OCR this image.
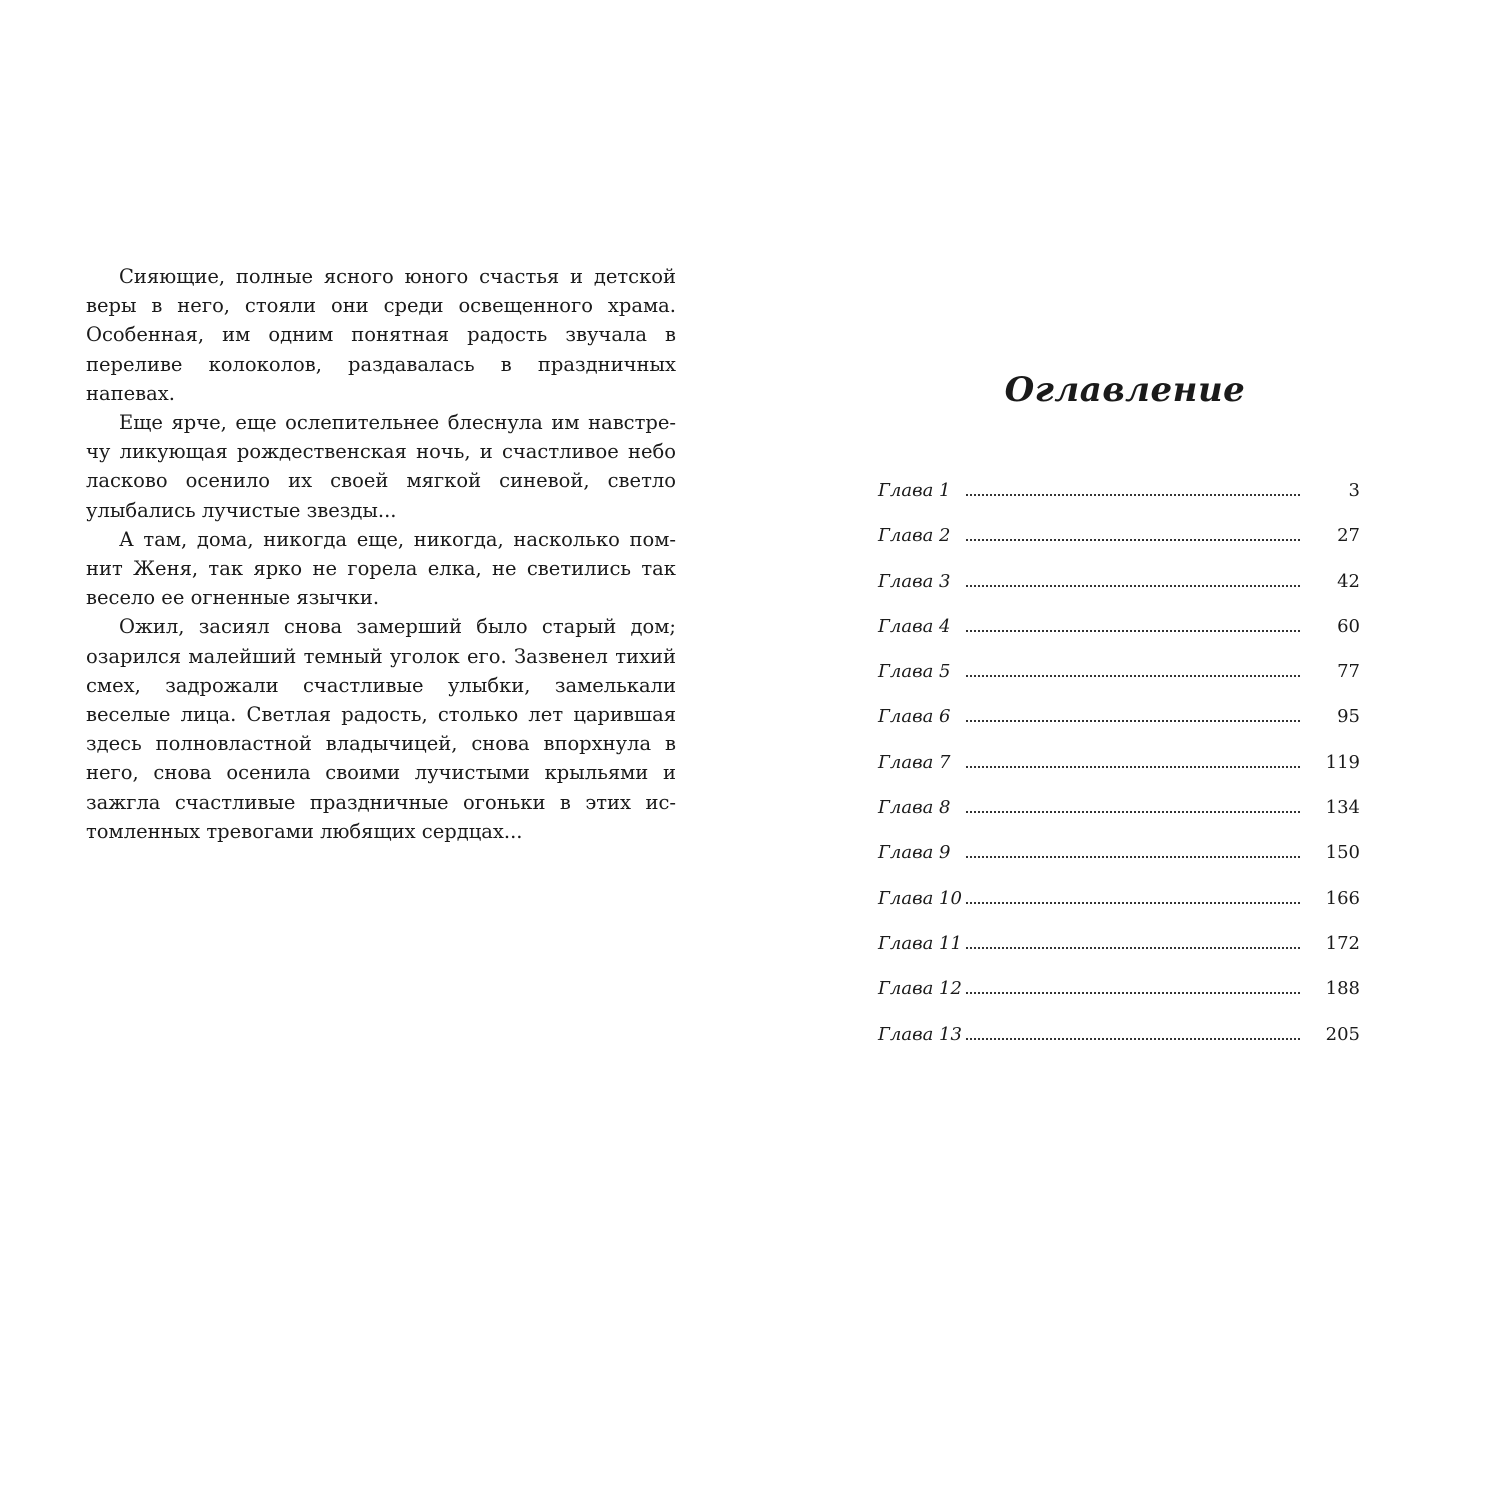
Сияющие, полные ясного юного счастья и детской веры в него, стояли они среди освещенного храма. Особенная, им одним понятная радость звучала в переливе колоколов, раздавалась в праздничных напевах.

Еще ярче, еще ослепительнее блеснула им навстречу ликующая рождественская ночь, и счастливое небо ласково осенило их своей мягкой синевой, светло улыбались лучистые звезды...

А там, дома, никогда еще, никогда, насколько помнит Женя, так ярко не горела елка, не светились так весело ее огненные язычки.

Ожил, засиял снова замерший было старый дом; озарился малейший темный уголок его. Зазвенел тихий смех, задрожали счастливые улыбки, замелькали веселые лица. Светлая радость, столько лет царившая здесь полновластной владычицей, снова впорхнула в него, снова осенила своими лучистыми крыльями и зажгла счастливые праздничные огоньки в этих истомленных тревогами любящих сердцах...

Оглавление
Глава 1	3
Глава 2	27
Глава 3	42
Глава 4	60
Глава 5	77
Глава 6	95
Глава 7	119
Глава 8	134
Глава 9	150
Глава 10	166
Глава 11	172
Глава 12	188
Глава 13	205
